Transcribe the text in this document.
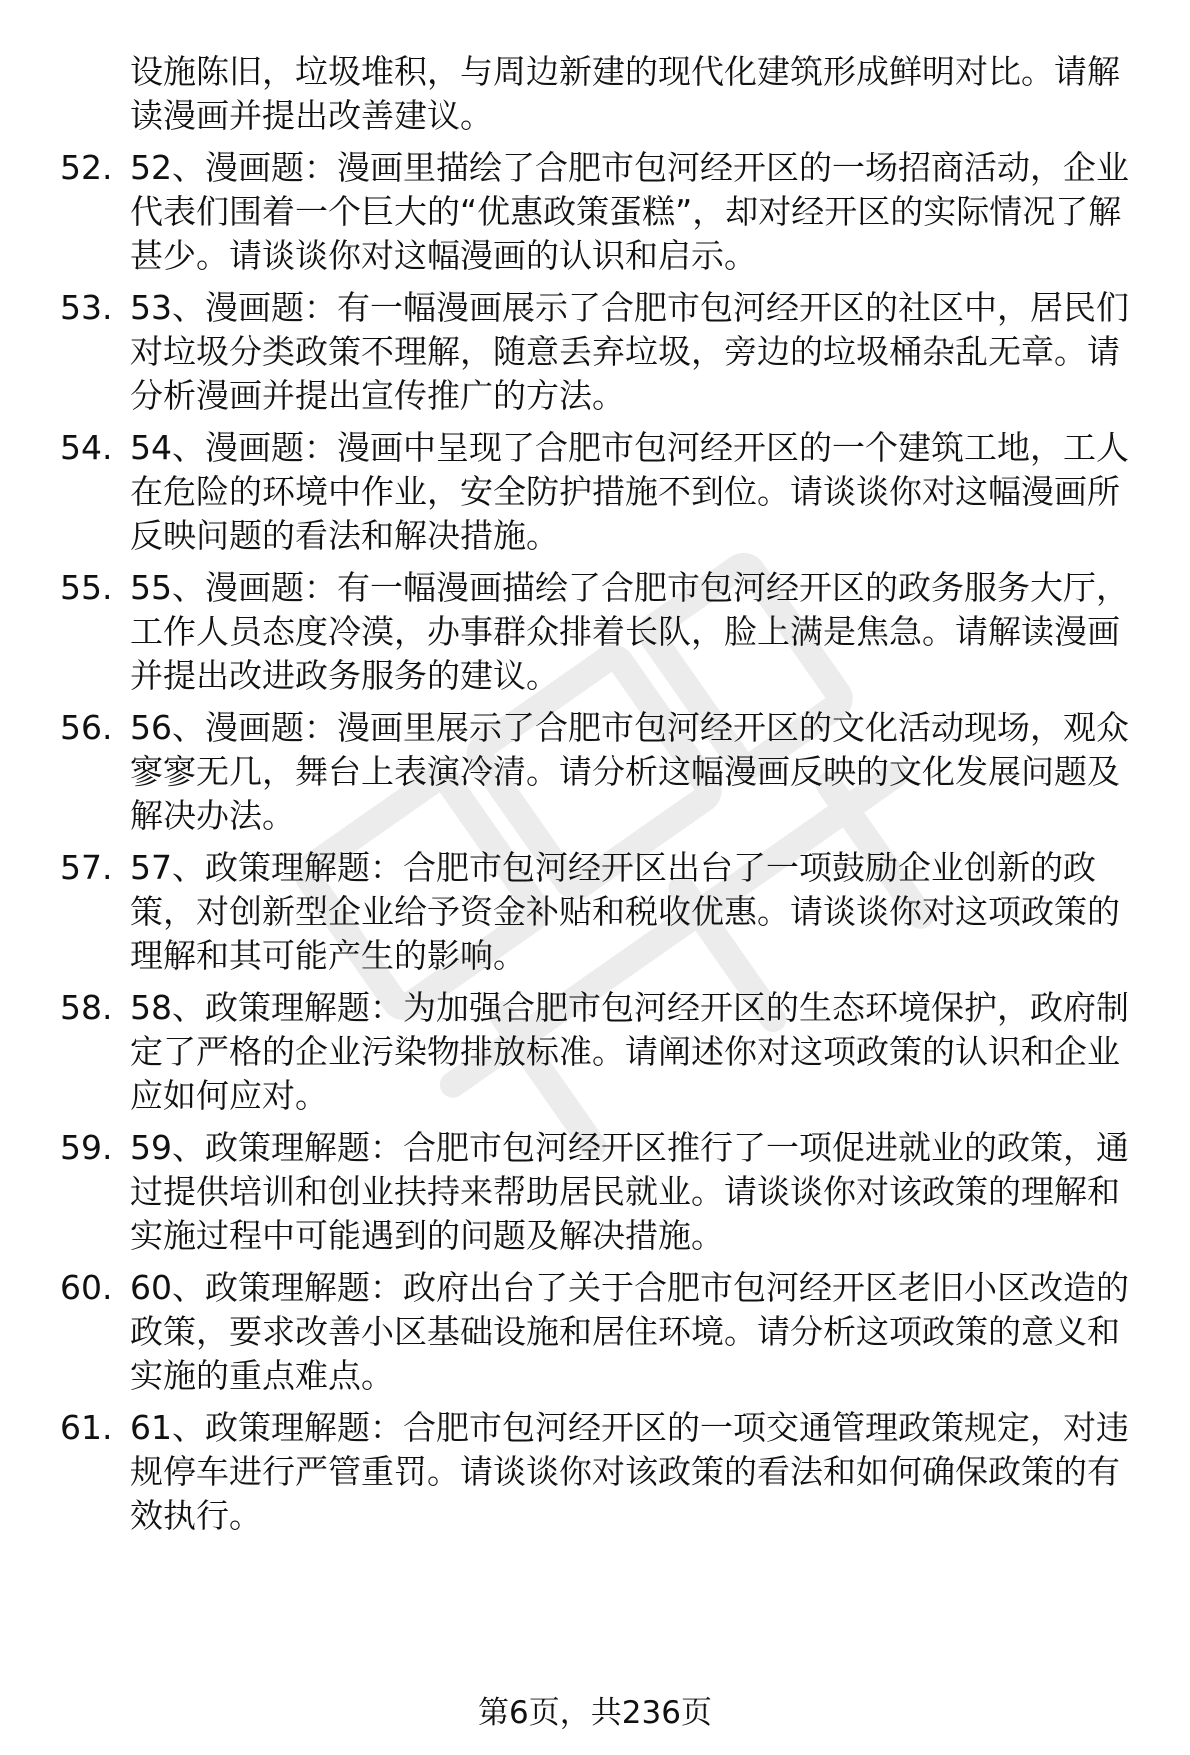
设施陈旧，垃圾堆积，与周边新建的现代化建筑形成鲜明对比。请解读漫画并提出改善建议。
52. 52、漫画题：漫画里描绘了合肥市包河经开区的一场招商活动，企业代表们围着一个巨大的“优惠政策蛋糕”，却对经开区的实际情况了解甚少。请谈谈你对这幅漫画的认识和启示。
53. 53、漫画题：有一幅漫画展示了合肥市包河经开区的社区中，居民们对垃圾分类政策不理解，随意丢弃垃圾，旁边的垃圾桶杂乱无章。请分析漫画并提出宣传推广的方法。
54. 54、漫画题：漫画中呈现了合肥市包河经开区的一个建筑工地，工人在危险的环境中作业，安全防护措施不到位。请谈谈你对这幅漫画所反映问题的看法和解决措施。
55. 55、漫画题：有一幅漫画描绘了合肥市包河经开区的政务服务大厅，工作人员态度冷漠，办事群众排着长队，脸上满是焦急。请解读漫画并提出改进政务服务的建议。
56. 56、漫画题：漫画里展示了合肥市包河经开区的文化活动现场，观众寥寥无几，舞台上表演冷清。请分析这幅漫画反映的文化发展问题及解决办法。
57. 57、政策理解题：合肥市包河经开区出台了一项鼓励企业创新的政策，对创新型企业给予资金补贴和税收优惠。请谈谈你对这项政策的理解和其可能产生的影响。
58. 58、政策理解题：为加强合肥市包河经开区的生态环境保护，政府制定了严格的企业污染物排放标准。请阐述你对这项政策的认识和企业应如何应对。
59. 59、政策理解题：合肥市包河经开区推行了一项促进就业的政策，通过提供培训和创业扶持来帮助居民就业。请谈谈你对该政策的理解和实施过程中可能遇到的问题及解决措施。
60. 60、政策理解题：政府出台了关于合肥市包河经开区老旧小区改造的政策，要求改善小区基础设施和居住环境。请分析这项政策的意义和实施的重点难点。
61. 61、政策理解题：合肥市包河经开区的一项交通管理政策规定，对违规停车进行严管重罚。请谈谈你对该政策的看法和如何确保政策的有效执行。
第6页，共236页
